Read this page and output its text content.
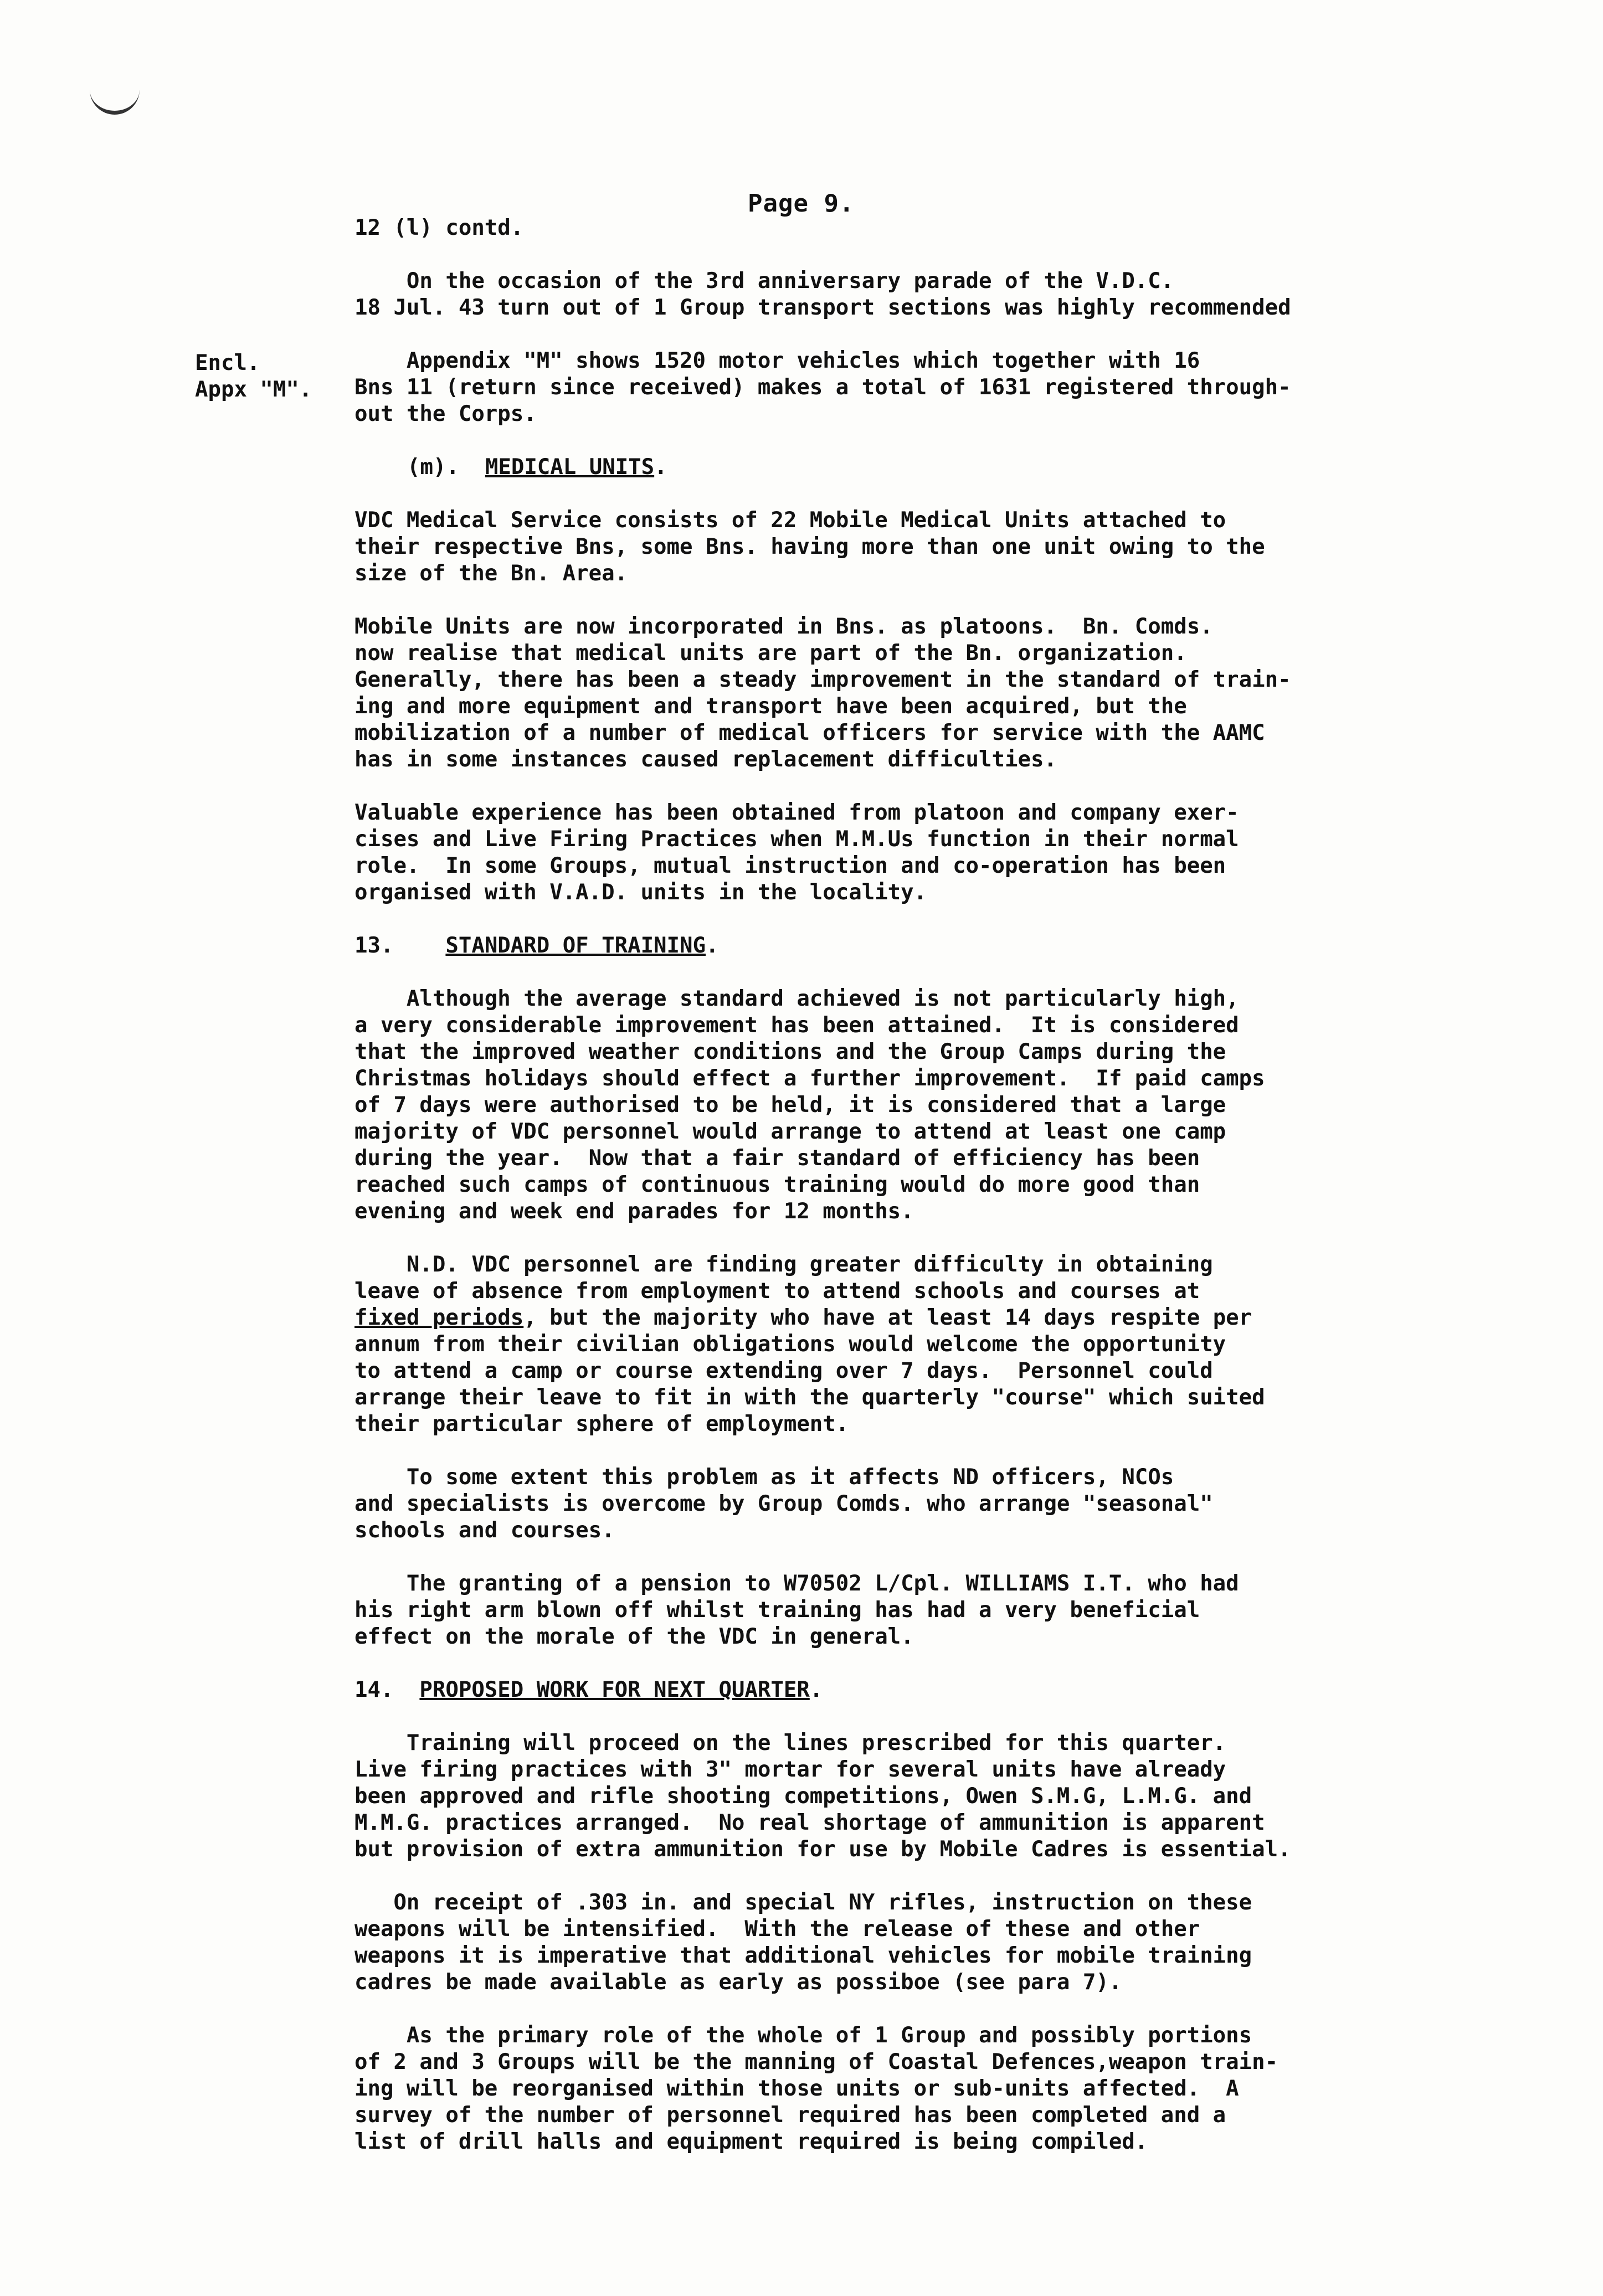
Page 9.
Encl.
Appx "M".
12 (l) contd.
On the occasion of the 3rd anniversary parade of the V.D.C.
18 Jul. 43 turn out of 1 Group transport sections was highly recommended
Appendix "M" shows 1520 motor vehicles which together with 16
Bns 11 (return since received) makes a total of 1631 registered through-
out the Corps.
(m).  MEDICAL UNITS.
VDC Medical Service consists of 22 Mobile Medical Units attached to
their respective Bns, some Bns. having more than one unit owing to the
size of the Bn. Area.
Mobile Units are now incorporated in Bns. as platoons.  Bn. Comds.
now realise that medical units are part of the Bn. organization.
Generally, there has been a steady improvement in the standard of train-
ing and more equipment and transport have been acquired, but the
mobilization of a number of medical officers for service with the AAMC
has in some instances caused replacement difficulties.
Valuable experience has been obtained from platoon and company exer-
cises and Live Firing Practices when M.M.Us function in their normal
role.  In some Groups, mutual instruction and co-operation has been
organised with V.A.D. units in the locality.
13.    STANDARD OF TRAINING.
Although the average standard achieved is not particularly high,
a very considerable improvement has been attained.  It is considered
that the improved weather conditions and the Group Camps during the
Christmas holidays should effect a further improvement.  If paid camps
of 7 days were authorised to be held, it is considered that a large
majority of VDC personnel would arrange to attend at least one camp
during the year.  Now that a fair standard of efficiency has been
reached such camps of continuous training would do more good than
evening and week end parades for 12 months.
N.D. VDC personnel are finding greater difficulty in obtaining
leave of absence from employment to attend schools and courses at
fixed periods, but the majority who have at least 14 days respite per
annum from their civilian obligations would welcome the opportunity
to attend a camp or course extending over 7 days.  Personnel could
arrange their leave to fit in with the quarterly "course" which suited
their particular sphere of employment.
To some extent this problem as it affects ND officers, NCOs
and specialists is overcome by Group Comds. who arrange "seasonal"
schools and courses.
The granting of a pension to W70502 L/Cpl. WILLIAMS I.T. who had
his right arm blown off whilst training has had a very beneficial
effect on the morale of the VDC in general.
14.  PROPOSED WORK FOR NEXT QUARTER.
Training will proceed on the lines prescribed for this quarter.
Live firing practices with 3" mortar for several units have already
been approved and rifle shooting competitions, Owen S.M.G, L.M.G. and
M.M.G. practices arranged.  No real shortage of ammunition is apparent
but provision of extra ammunition for use by Mobile Cadres is essential.
On receipt of .303 in. and special NY rifles, instruction on these
weapons will be intensified.  With the release of these and other
weapons it is imperative that additional vehicles for mobile training
cadres be made available as early as possiboe (see para 7).
As the primary role of the whole of 1 Group and possibly portions
of 2 and 3 Groups will be the manning of Coastal Defences,weapon train-
ing will be reorganised within those units or sub-units affected.  A
survey of the number of personnel required has been completed and a
list of drill halls and equipment required is being compiled.
